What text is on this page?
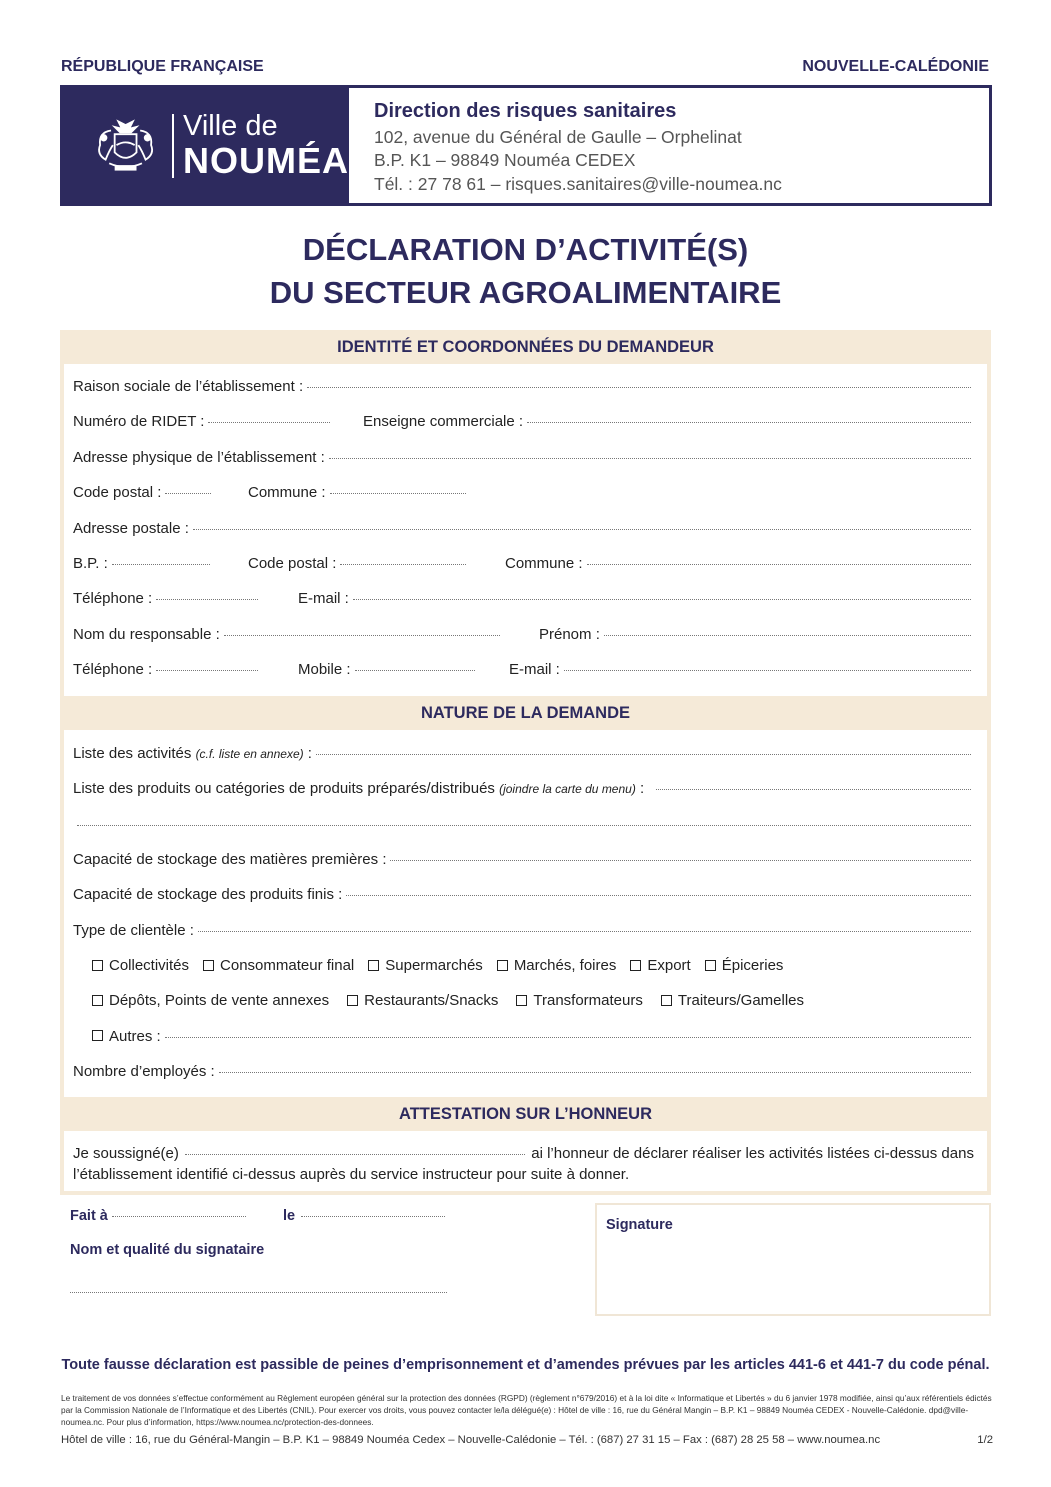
RÉPUBLIQUE FRANÇAISE	NOUVELLE-CALÉDONIE
Ville de
NOUMÉA
Direction des risques sanitaires
102, avenue du Général de Gaulle – Orphelinat
B.P. K1 – 98849 Nouméa CEDEX
Tél. : 27 78 61 – risques.sanitaires@ville-noumea.nc
DÉCLARATION D’ACTIVITÉ(S)
DU SECTEUR AGROALIMENTAIRE
IDENTITÉ ET COORDONNÉES DU DEMANDEUR
Raison sociale de l’établissement :
Numéro de RIDET :	Enseigne commerciale :
Adresse physique de l’établissement :
Code postal :	Commune :
Adresse postale :
B.P. :	Code postal :	Commune :
Téléphone :	E-mail :
Nom du responsable :	Prénom :
Téléphone :	Mobile :	E-mail :
NATURE DE LA DEMANDE
Liste des activités
(c.f. liste en annexe) :
Liste des produits ou catégories de produits préparés/distribués
(joindre la carte du menu) :

Capacité de stockage des matières premières :
Capacité de stockage des produits finis :
Type de clientèle :
Collectivités Consommateur final Supermarchés Marchés, foires Export Épiceries
Dépôts, Points de vente annexes Restaurants/Snacks Transformateurs Traiteurs/Gamelles
Autres :
Nombre d’employés :
ATTESTATION SUR L’HONNEUR
Je soussigné(e)	ai l’honneur de déclarer réaliser les activités listées ci-dessus dans l’établissement identifié ci-dessus auprès du service instructeur pour suite à donner.
Fait à	le
Nom et qualité du signataire
Signature
Toute fausse déclaration est passible de peines d’emprisonnement et d’amendes prévues par les articles 441-6 et 441-7 du code pénal.
Le traitement de vos données s’effectue conformément au Règlement européen général sur la protection des données (RGPD) (règlement n°679/2016) et à la loi dite « Informatique et Libertés » du 6 janvier 1978 modifiée, ainsi qu’aux référentiels édictés par la Commission Nationale de l’Informatique et des Libertés (CNIL). Pour exercer vos droits, vous pouvez contacter le/la délégué(e) : Hôtel de ville : 16, rue du Général Mangin – B.P. K1 – 98849 Nouméa CEDEX - Nouvelle-Calédonie. dpd@ville-noumea.nc. Pour plus d’information, https://www.noumea.nc/protection-des-donnees.
Hôtel de ville : 16, rue du Général-Mangin – B.P. K1 – 98849 Nouméa Cedex – Nouvelle-Calédonie – Tél. : (687) 27 31 15 – Fax : (687) 28 25 58 – www.noumea.nc	1/2
